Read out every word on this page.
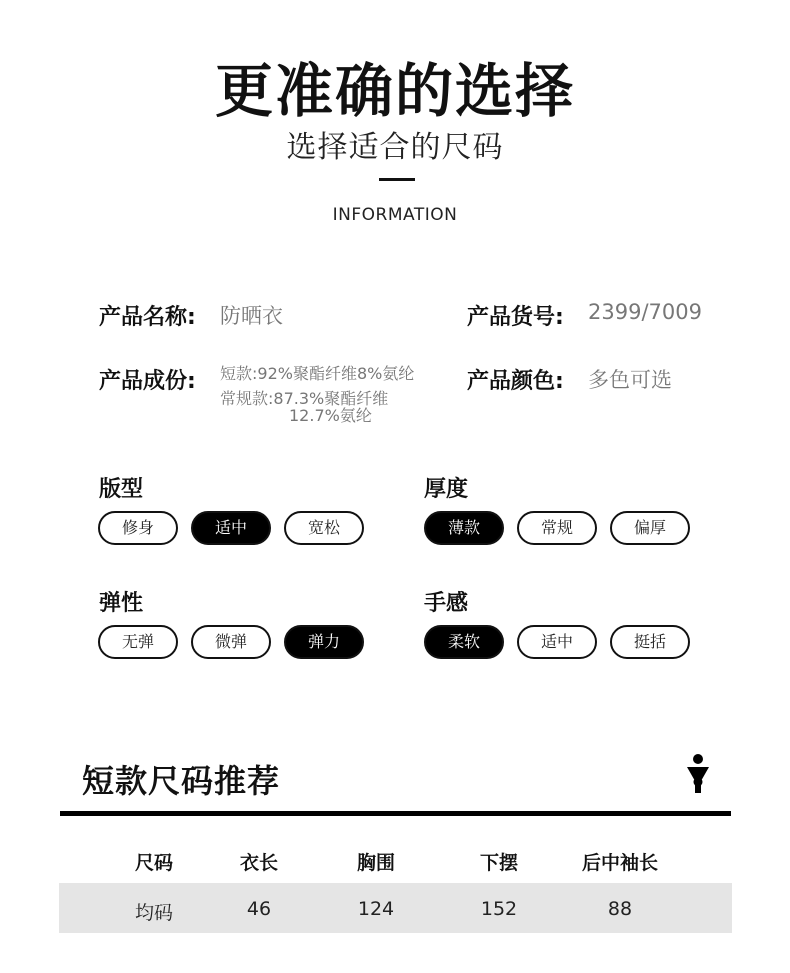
更准确的选择
选择适合的尺码
INFORMATION
产品名称: 防晒衣	产品货号: 2399/7009
产品成份: 短款:92%聚酯纤维8%氨纶
常规款:87.3%聚酯纤维
12.7%氨纶
产品颜色: 多色可选
版型
修身	适中	宽松
厚度
薄款	常规	偏厚
弹性
无弹	微弹	弹力
手感
柔软	适中	挺括
短款尺码推荐
尺码	衣长	胸围	下摆	后中袖长
均码	46	124	152	88
